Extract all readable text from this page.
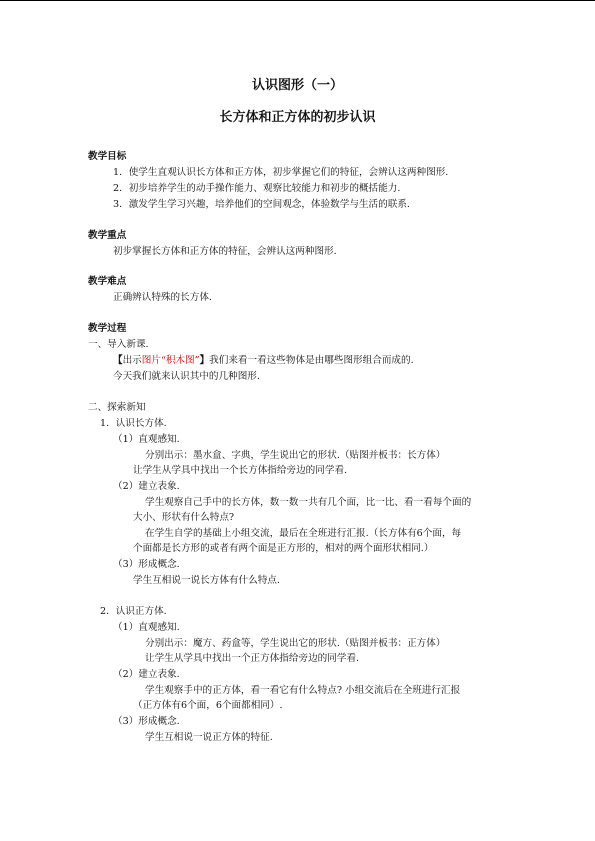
认识图形（一）
长方体和正方体的初步认识
教学目标
1．使学生直观认识长方体和正方体，初步掌握它们的特征，会辨认这两种图形.
2．初步培养学生的动手操作能力、观察比较能力和初步的概括能力.
3．激发学生学习兴趣，培养他们的空间观念，体验数学与生活的联系.
教学重点
初步掌握长方体和正方体的特征，会辨认这两种图形.
教学难点
正确辨认特殊的长方体.
教学过程
一、导入新课.
【出示图片“积木图”】我们来看一看这些物体是由哪些图形组合而成的.
今天我们就来认识其中的几种图形.
二、探索新知
1．认识长方体.
（1）直观感知.
分别出示：墨水盒、字典，学生说出它的形状.（贴图并板书：长方体）
让学生从学具中找出一个长方体指给旁边的同学看.
（2）建立表象.
学生观察自己手中的长方体，数一数一共有几个面，比一比、看一看每个面的
大小、形状有什么特点?
在学生自学的基础上小组交流，最后在全班进行汇报.（长方体有6个面，每
个面都是长方形的或者有两个面是正方形的，相对的两个面形状相同.）
（3）形成概念.
学生互相说一说长方体有什么特点.
2．认识正方体.
（1）直观感知.
分别出示：魔方、药盒等，学生说出它的形状.（贴图并板书：正方体）
让学生从学具中找出一个正方体指给旁边的同学看.
（2）建立表象.
学生观察手中的正方体，看一看它有什么特点? 小组交流后在全班进行汇报
（正方体有6个面，6个面都相同）.
（3）形成概念.
学生互相说一说正方体的特征.
